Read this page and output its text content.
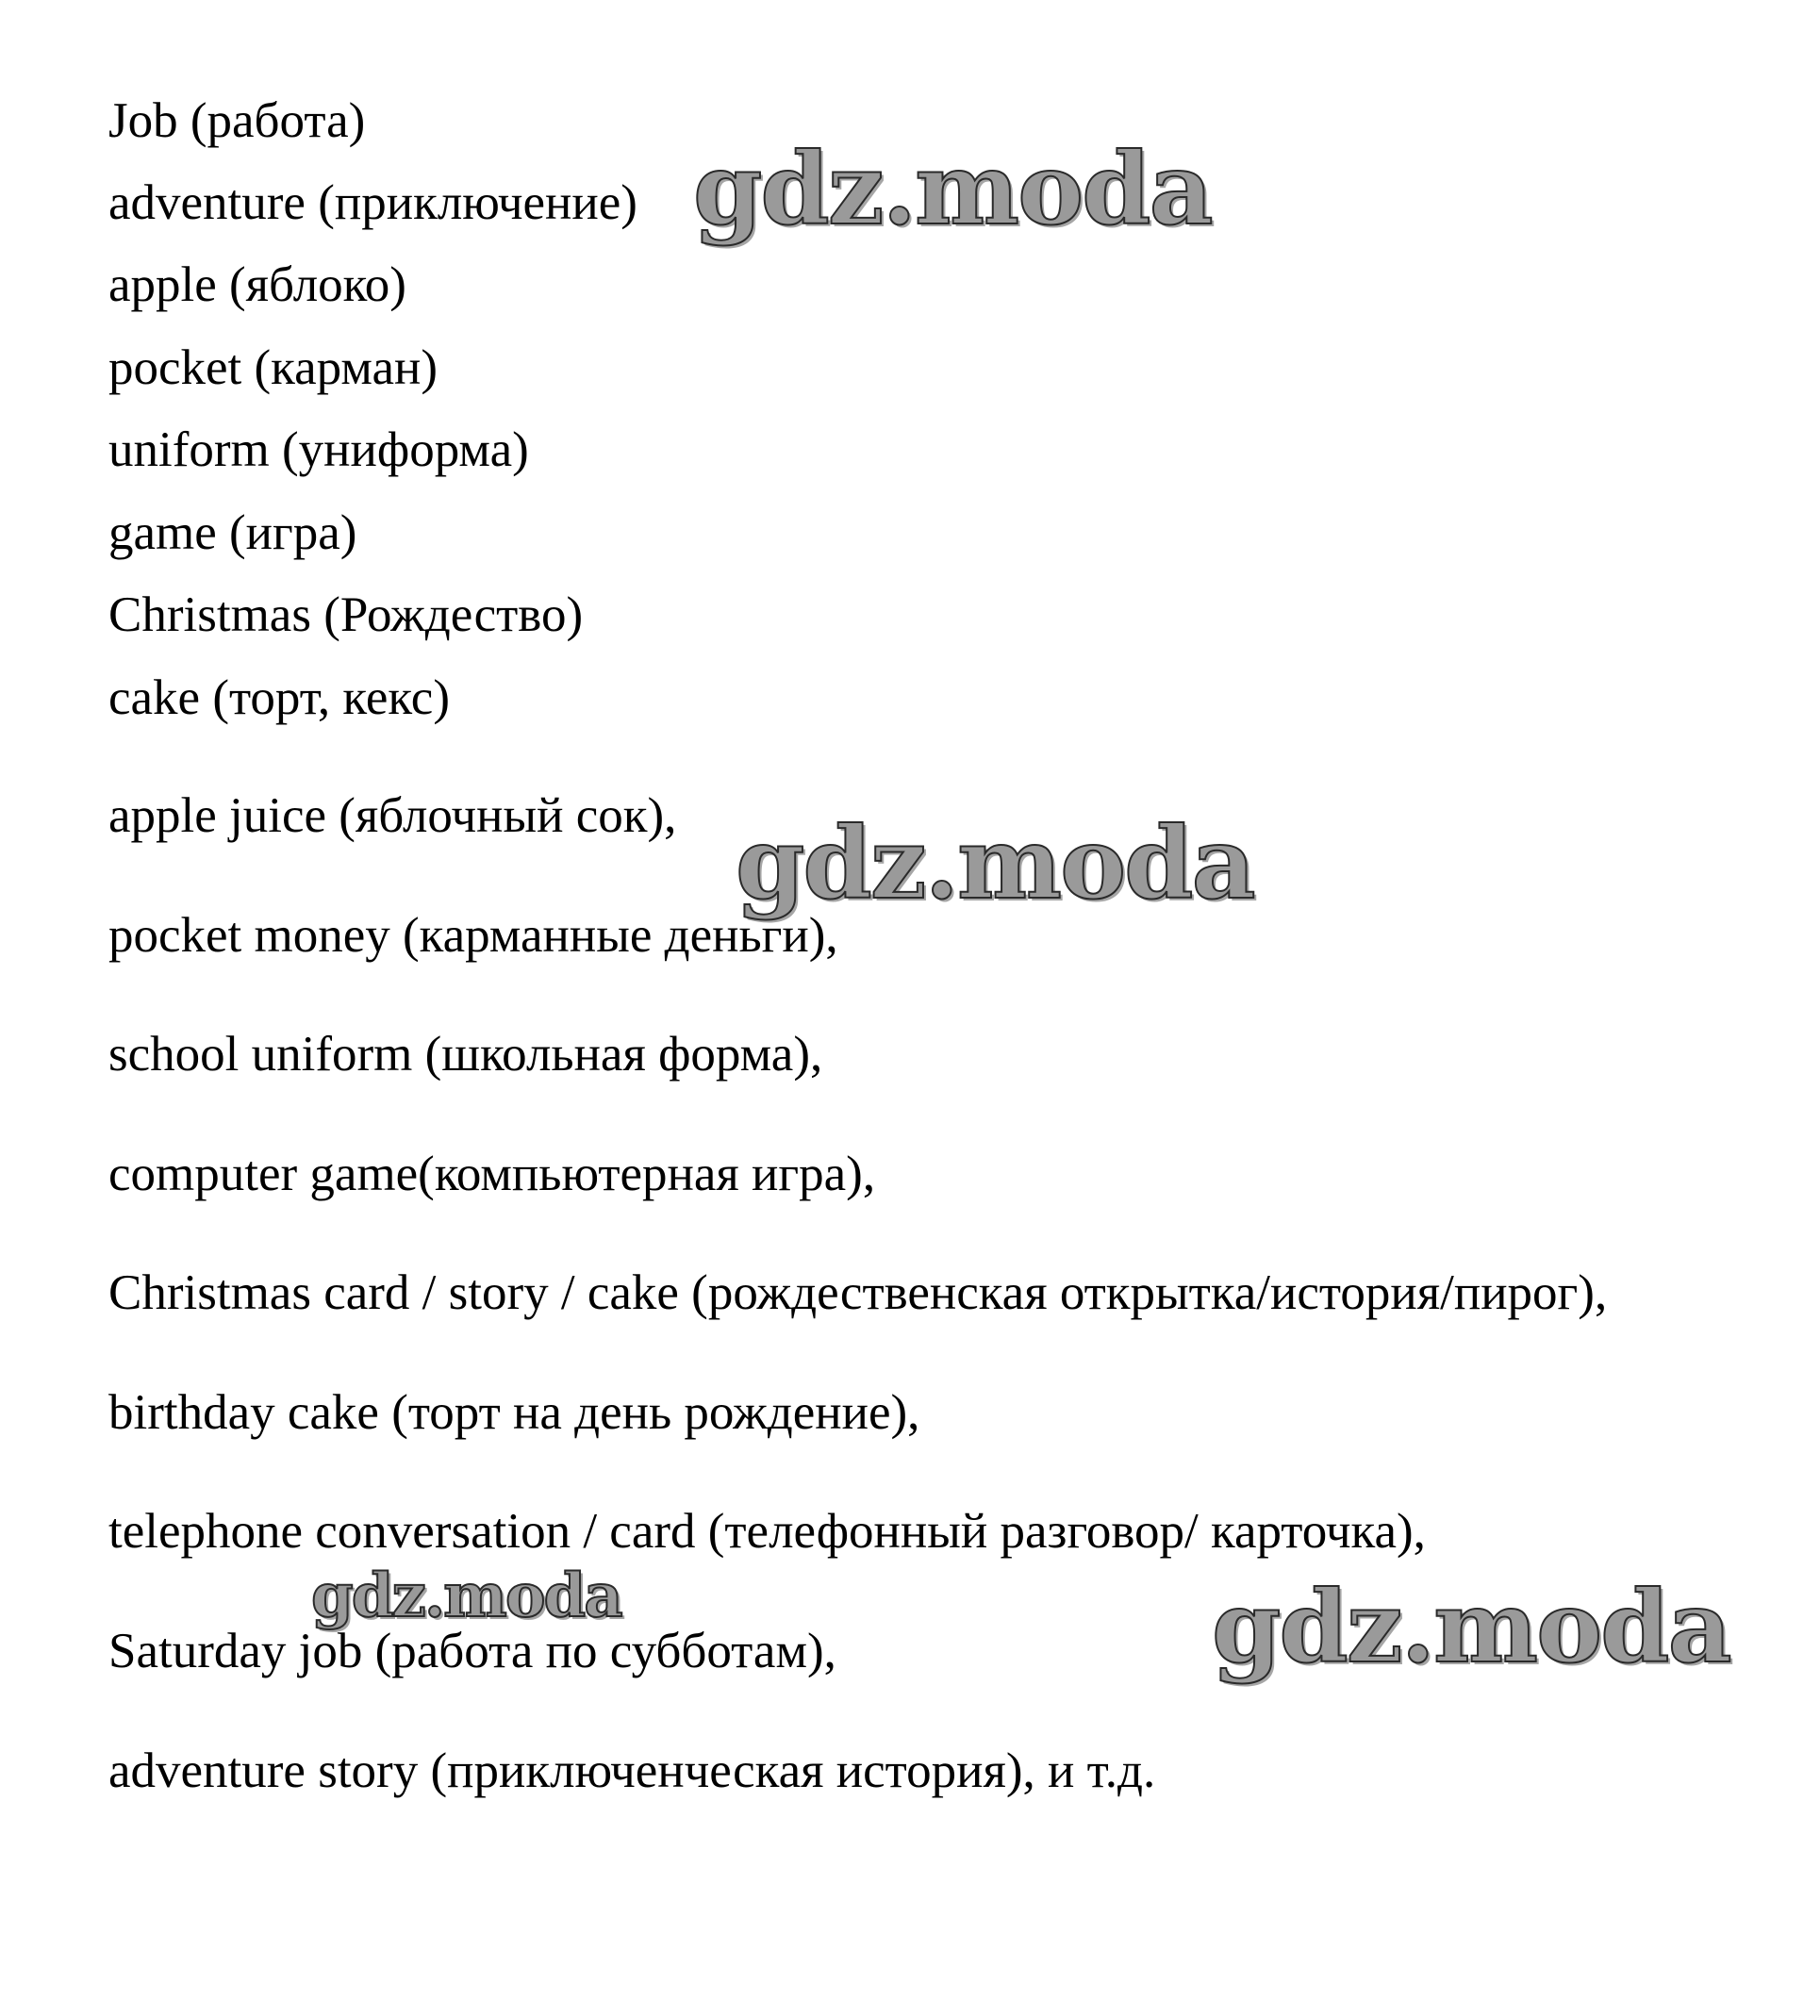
Job (работа)
adventure (приключение)
apple (яблоко)
pocket (карман)
uniform (униформа)
game (игра)
Christmas (Рождество)
cake (торт, кекс)
apple juice (яблочный сок),
pocket money (карманные деньги),
school uniform (школьная форма),
computer game(компьютерная игра),
Christmas card / story / cake (рождественская открытка/история/пирог),
birthday cake (торт на день рождение),
telephone conversation / card (телефонный разговор/ карточка),
Saturday job (работа по субботам),
adventure story (приключенческая история), и т.д.
gdz.moda
gdz.moda
gdz.moda	gdz.moda
